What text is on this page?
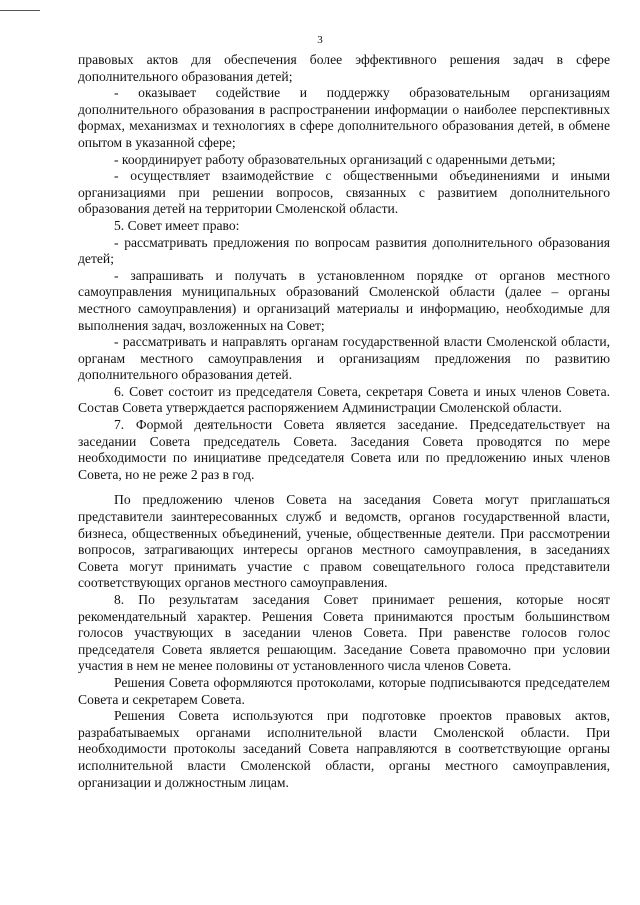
3

правовых актов для обеспечения более эффективного решения задач в сфере дополнительного образования детей;

- оказывает содействие и поддержку образовательным организациям дополнительного образования в распространении информации о наиболее перспективных формах, механизмах и технологиях в сфере дополнительного образования детей, в обмене опытом в указанной сфере;

- координирует работу образовательных организаций с одаренными детьми;

- осуществляет взаимодействие с общественными объединениями и иными организациями при решении вопросов, связанных с развитием дополнительного образования детей на территории Смоленской области.

5. Совет имеет право:

- рассматривать предложения по вопросам развития дополнительного образования детей;

- запрашивать и получать в установленном порядке от органов местного самоуправления муниципальных образований Смоленской области (далее – органы местного самоуправления) и организаций материалы и информацию, необходимые для выполнения задач, возложенных на Совет;

- рассматривать и направлять органам государственной власти Смоленской области, органам местного самоуправления и организациям предложения по развитию дополнительного образования детей.

6. Совет состоит из председателя Совета, секретаря Совета и иных членов Совета. Состав Совета утверждается распоряжением Администрации Смоленской области.

7. Формой деятельности Совета является заседание. Председательствует на заседании Совета председатель Совета. Заседания Совета проводятся по мере необходимости по инициативе председателя Совета или по предложению иных членов Совета, но не реже 2 раз в год.

По предложению членов Совета на заседания Совета могут приглашаться представители заинтересованных служб и ведомств, органов государственной власти, бизнеса, общественных объединений, ученые, общественные деятели. При рассмотрении вопросов, затрагивающих интересы органов местного самоуправления, в заседаниях Совета могут принимать участие с правом совещательного голоса представители соответствующих органов местного самоуправления.

8. По результатам заседания Совет принимает решения, которые носят рекомендательный характер. Решения Совета принимаются простым большинством голосов участвующих в заседании членов Совета. При равенстве голосов голос председателя Совета является решающим. Заседание Совета правомочно при условии участия в нем не менее половины от установленного числа членов Совета.

Решения Совета оформляются протоколами, которые подписываются председателем Совета и секретарем Совета.

Решения Совета используются при подготовке проектов правовых актов, разрабатываемых органами исполнительной власти Смоленской области. При необходимости протоколы заседаний Совета направляются в соответствующие органы исполнительной власти Смоленской области, органы местного самоуправления, организации и должностным лицам.
